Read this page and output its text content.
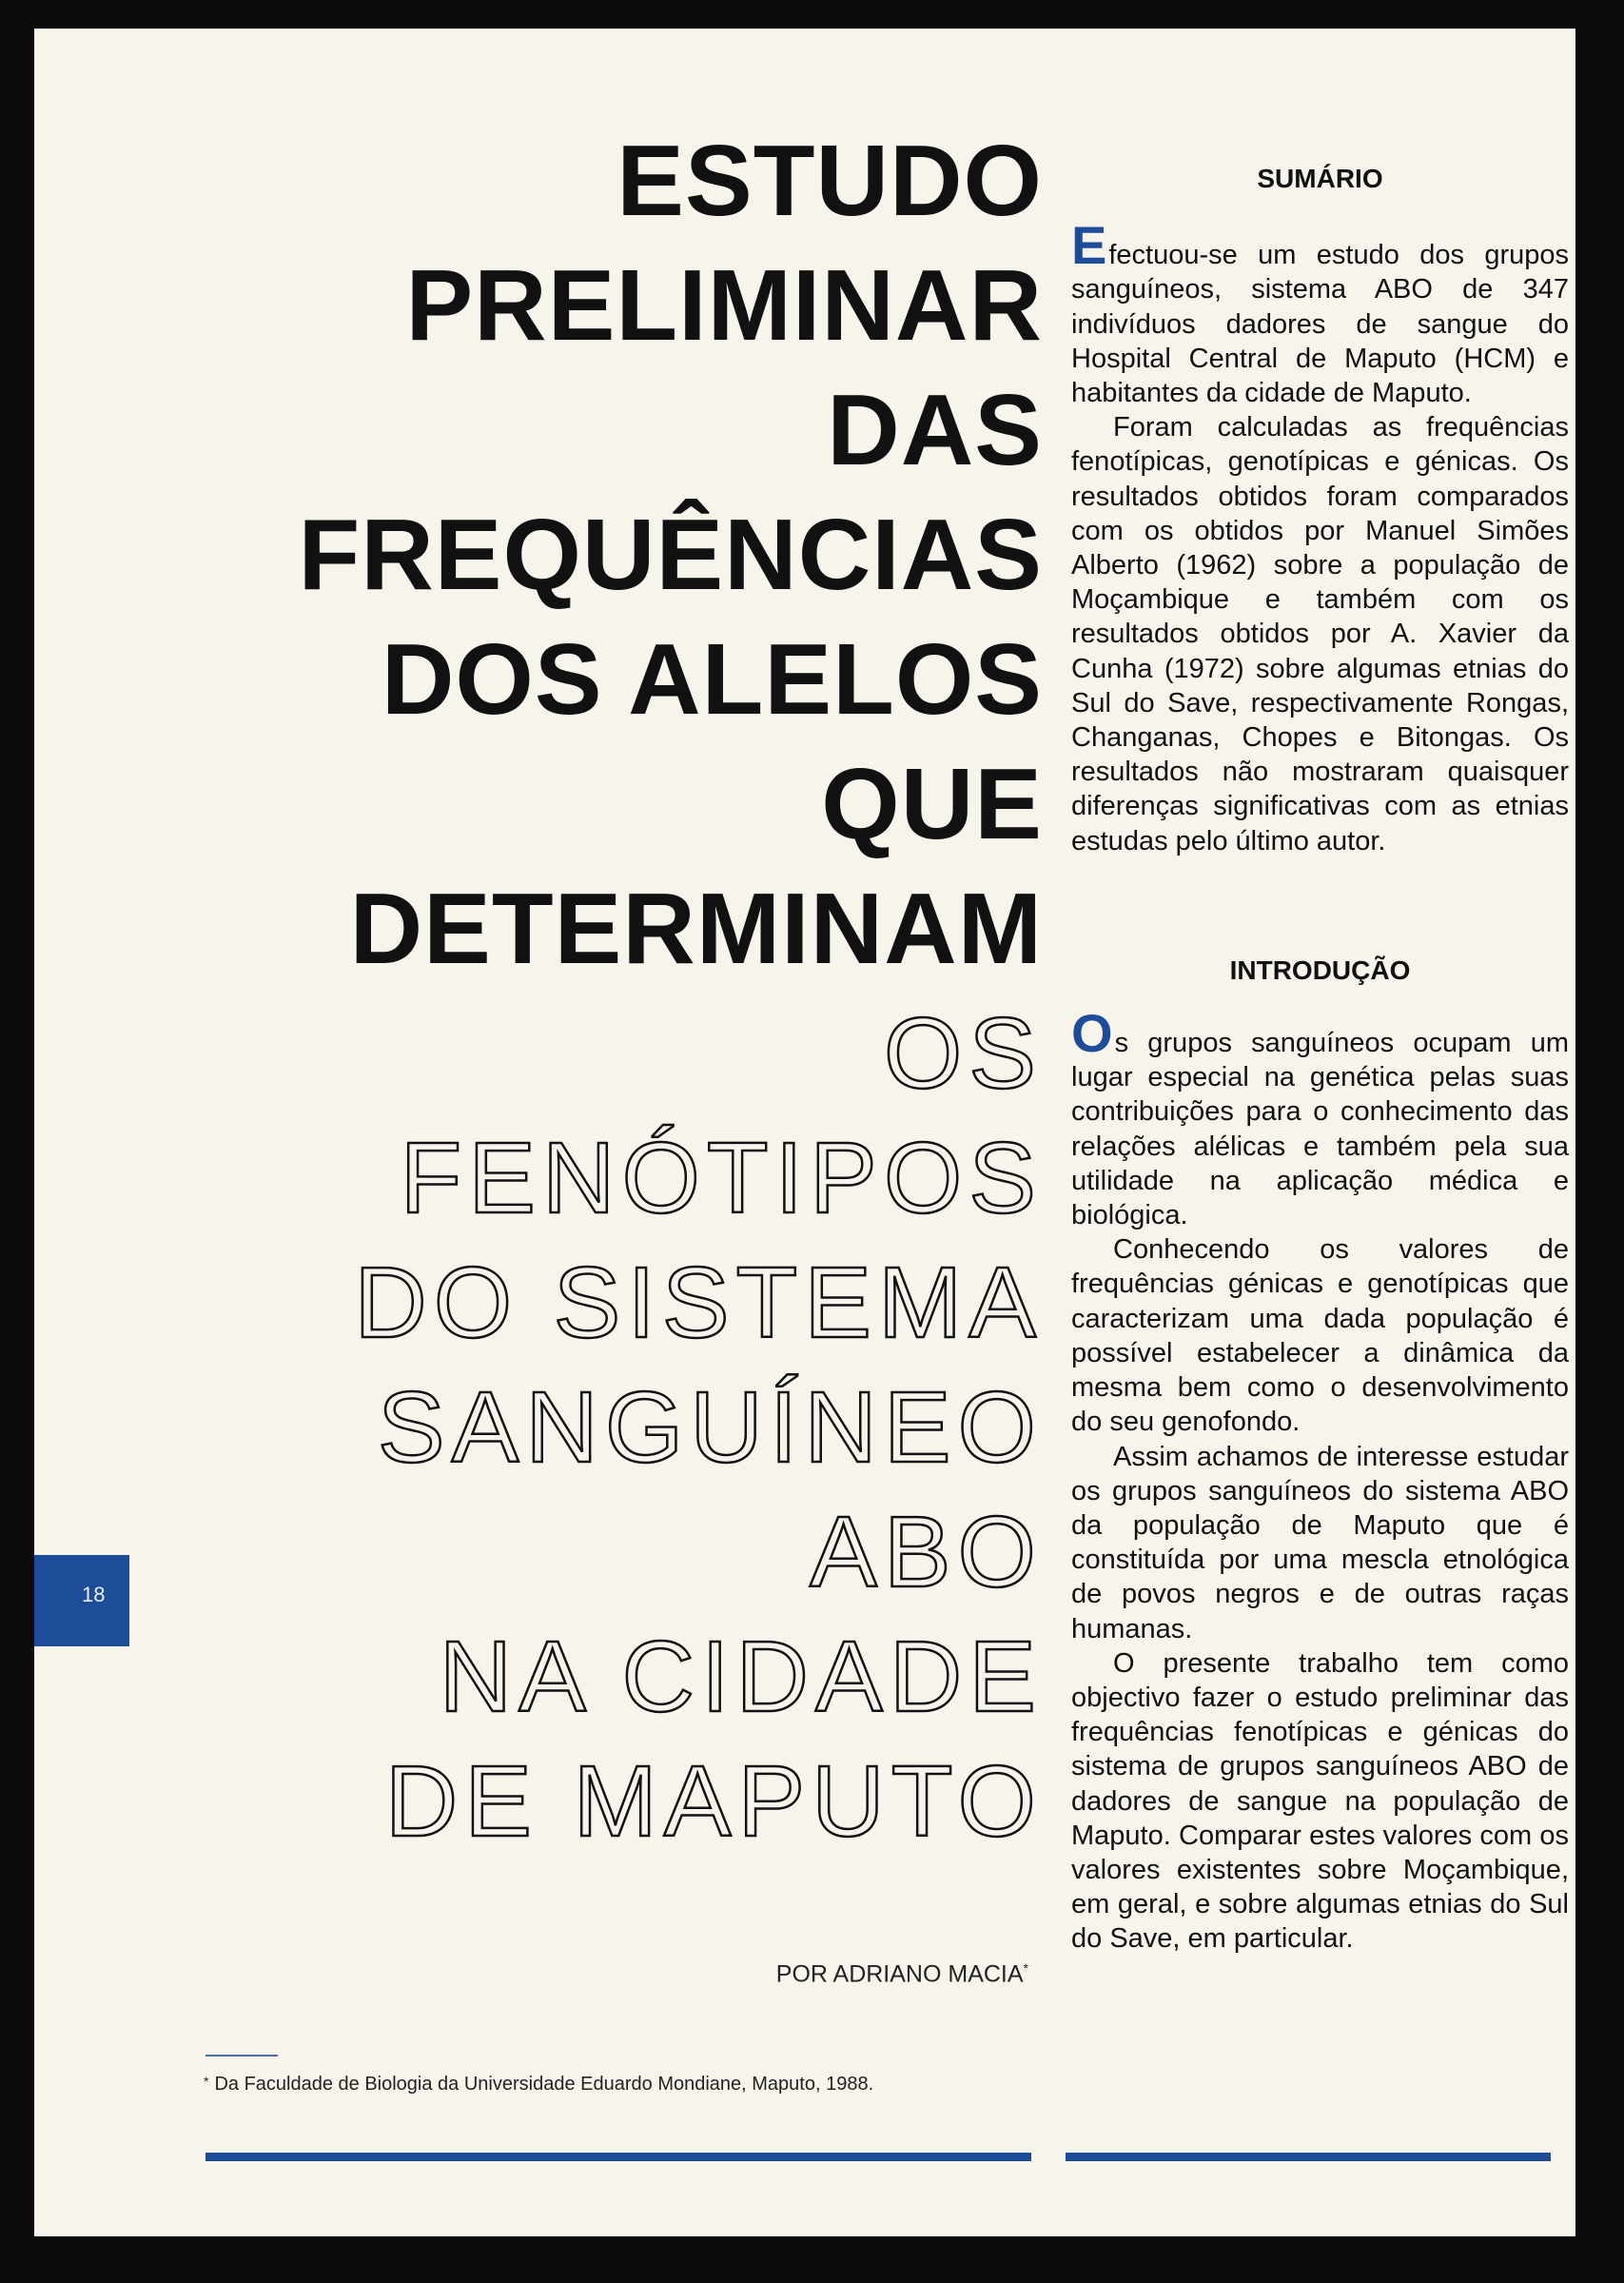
ESTUDO
PRELIMINAR
DAS
FREQUÊNCIAS
DOS ALELOS
QUE
DETERMINAM
OS
FENÓTIPOS
DO SISTEMA
SANGUÍNEO
ABO
NA CIDADE
DE MAPUTO
POR ADRIANO MACIA*
* Da Faculdade de Biologia da Universidade Eduardo Mondiane, Maputo, 1988.
18
SUMÁRIO

Efectuou-se um estudo dos grupos sanguíneos, sistema ABO de 347 indivíduos dadores de sangue do Hospital Central de Maputo (HCM) e habitantes da cidade de Maputo.

Foram calculadas as frequências fenotípicas, genotípicas e génicas. Os resultados obtidos foram comparados com os obtidos por Manuel Simões Alberto (1962) sobre a população de Moçambique e também com os resultados obtidos por A. Xavier da Cunha (1972) sobre algumas etnias do Sul do Save, respectivamente Rongas, Changanas, Chopes e Bitongas. Os resultados não mostraram quaisquer diferenças significativas com as etnias estudas pelo último autor.

INTRODUÇÃO

Os grupos sanguíneos ocupam um lugar especial na genética pelas suas contribuições para o conhecimento das relações alélicas e também pela sua utilidade na aplicação médica e biológica.

Conhecendo os valores de frequências génicas e genotípicas que caracterizam uma dada população é possível estabelecer a dinâmica da mesma bem como o desenvolvimento do seu genofondo.

Assim achamos de interesse estudar os grupos sanguíneos do sistema ABO da população de Maputo que é constituída por uma mescla etnológica de povos negros e de outras raças humanas.

O presente trabalho tem como objectivo fazer o estudo preliminar das frequências fenotípicas e génicas do sistema de grupos sanguíneos ABO de dadores de sangue na população de Maputo. Comparar estes valores com os valores existentes sobre Moçambique, em geral, e sobre algumas etnias do Sul do Save, em particular.
